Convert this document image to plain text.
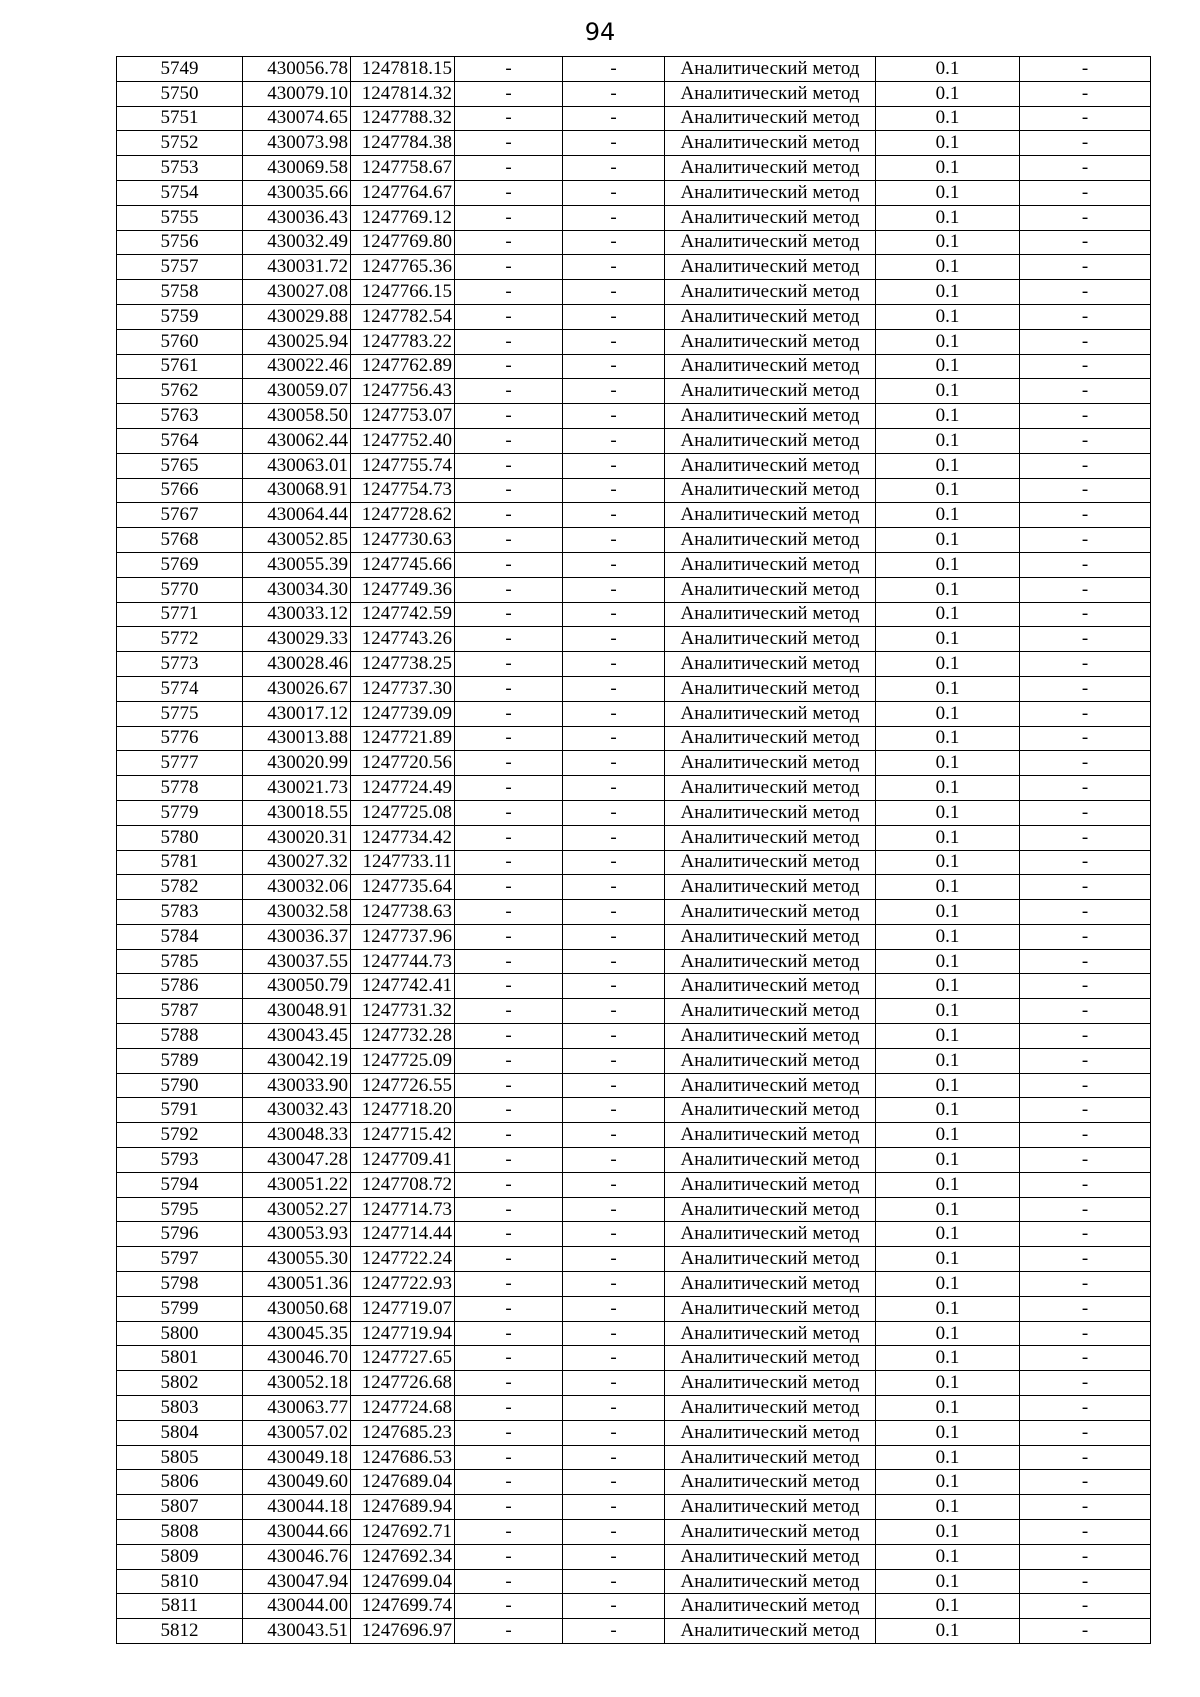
94
5749	430056.78	1247818.15	-	-	Аналитический метод	0.1	-
5750	430079.10	1247814.32	-	-	Аналитический метод	0.1	-
5751	430074.65	1247788.32	-	-	Аналитический метод	0.1	-
5752	430073.98	1247784.38	-	-	Аналитический метод	0.1	-
5753	430069.58	1247758.67	-	-	Аналитический метод	0.1	-
5754	430035.66	1247764.67	-	-	Аналитический метод	0.1	-
5755	430036.43	1247769.12	-	-	Аналитический метод	0.1	-
5756	430032.49	1247769.80	-	-	Аналитический метод	0.1	-
5757	430031.72	1247765.36	-	-	Аналитический метод	0.1	-
5758	430027.08	1247766.15	-	-	Аналитический метод	0.1	-
5759	430029.88	1247782.54	-	-	Аналитический метод	0.1	-
5760	430025.94	1247783.22	-	-	Аналитический метод	0.1	-
5761	430022.46	1247762.89	-	-	Аналитический метод	0.1	-
5762	430059.07	1247756.43	-	-	Аналитический метод	0.1	-
5763	430058.50	1247753.07	-	-	Аналитический метод	0.1	-
5764	430062.44	1247752.40	-	-	Аналитический метод	0.1	-
5765	430063.01	1247755.74	-	-	Аналитический метод	0.1	-
5766	430068.91	1247754.73	-	-	Аналитический метод	0.1	-
5767	430064.44	1247728.62	-	-	Аналитический метод	0.1	-
5768	430052.85	1247730.63	-	-	Аналитический метод	0.1	-
5769	430055.39	1247745.66	-	-	Аналитический метод	0.1	-
5770	430034.30	1247749.36	-	-	Аналитический метод	0.1	-
5771	430033.12	1247742.59	-	-	Аналитический метод	0.1	-
5772	430029.33	1247743.26	-	-	Аналитический метод	0.1	-
5773	430028.46	1247738.25	-	-	Аналитический метод	0.1	-
5774	430026.67	1247737.30	-	-	Аналитический метод	0.1	-
5775	430017.12	1247739.09	-	-	Аналитический метод	0.1	-
5776	430013.88	1247721.89	-	-	Аналитический метод	0.1	-
5777	430020.99	1247720.56	-	-	Аналитический метод	0.1	-
5778	430021.73	1247724.49	-	-	Аналитический метод	0.1	-
5779	430018.55	1247725.08	-	-	Аналитический метод	0.1	-
5780	430020.31	1247734.42	-	-	Аналитический метод	0.1	-
5781	430027.32	1247733.11	-	-	Аналитический метод	0.1	-
5782	430032.06	1247735.64	-	-	Аналитический метод	0.1	-
5783	430032.58	1247738.63	-	-	Аналитический метод	0.1	-
5784	430036.37	1247737.96	-	-	Аналитический метод	0.1	-
5785	430037.55	1247744.73	-	-	Аналитический метод	0.1	-
5786	430050.79	1247742.41	-	-	Аналитический метод	0.1	-
5787	430048.91	1247731.32	-	-	Аналитический метод	0.1	-
5788	430043.45	1247732.28	-	-	Аналитический метод	0.1	-
5789	430042.19	1247725.09	-	-	Аналитический метод	0.1	-
5790	430033.90	1247726.55	-	-	Аналитический метод	0.1	-
5791	430032.43	1247718.20	-	-	Аналитический метод	0.1	-
5792	430048.33	1247715.42	-	-	Аналитический метод	0.1	-
5793	430047.28	1247709.41	-	-	Аналитический метод	0.1	-
5794	430051.22	1247708.72	-	-	Аналитический метод	0.1	-
5795	430052.27	1247714.73	-	-	Аналитический метод	0.1	-
5796	430053.93	1247714.44	-	-	Аналитический метод	0.1	-
5797	430055.30	1247722.24	-	-	Аналитический метод	0.1	-
5798	430051.36	1247722.93	-	-	Аналитический метод	0.1	-
5799	430050.68	1247719.07	-	-	Аналитический метод	0.1	-
5800	430045.35	1247719.94	-	-	Аналитический метод	0.1	-
5801	430046.70	1247727.65	-	-	Аналитический метод	0.1	-
5802	430052.18	1247726.68	-	-	Аналитический метод	0.1	-
5803	430063.77	1247724.68	-	-	Аналитический метод	0.1	-
5804	430057.02	1247685.23	-	-	Аналитический метод	0.1	-
5805	430049.18	1247686.53	-	-	Аналитический метод	0.1	-
5806	430049.60	1247689.04	-	-	Аналитический метод	0.1	-
5807	430044.18	1247689.94	-	-	Аналитический метод	0.1	-
5808	430044.66	1247692.71	-	-	Аналитический метод	0.1	-
5809	430046.76	1247692.34	-	-	Аналитический метод	0.1	-
5810	430047.94	1247699.04	-	-	Аналитический метод	0.1	-
5811	430044.00	1247699.74	-	-	Аналитический метод	0.1	-
5812	430043.51	1247696.97	-	-	Аналитический метод	0.1	-
